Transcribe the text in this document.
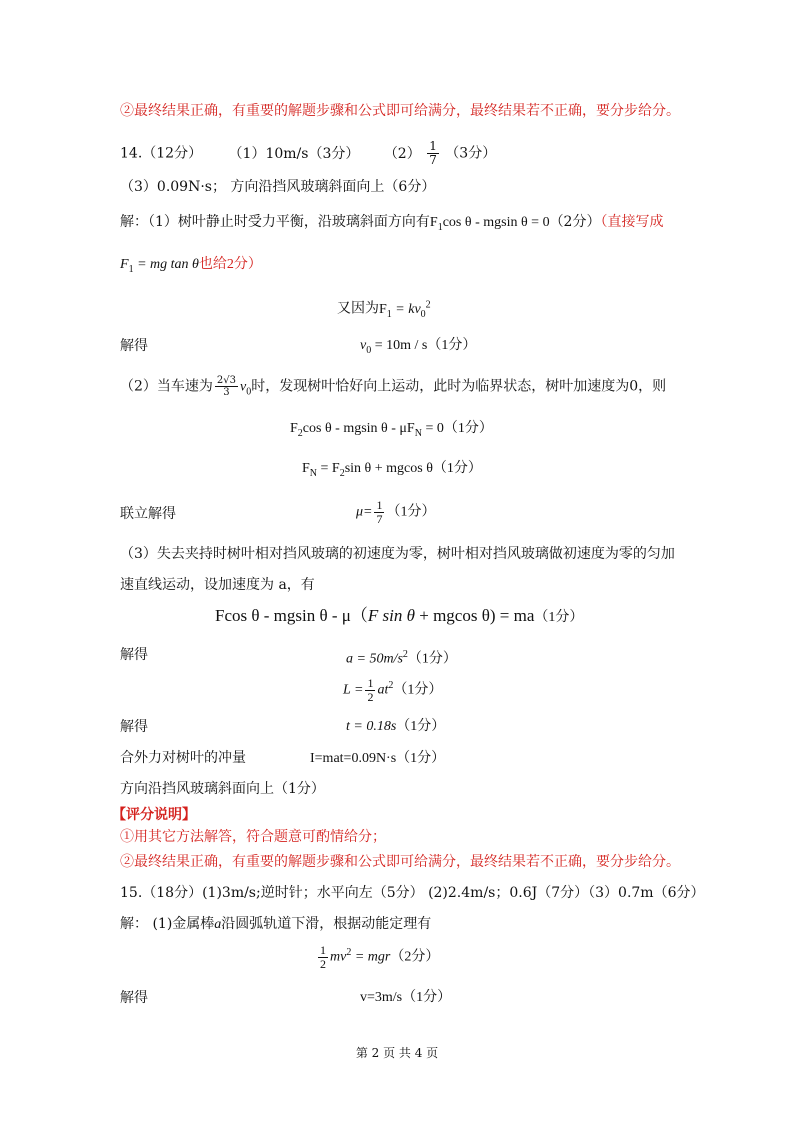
②最终结果正确，有重要的解题步骤和公式即可给满分，最终结果若不正确，要分步给分。
14.（12分） （1）10m/s（3分） $(2) \frac{1}{7} (3$分）
（3）0.09N·s； 方向沿挡风玻璃斜面向上（6分）
解：（1）树叶静止时受力平衡，沿玻璃斜面方向有$F_1\cos$ θ - mgsin θ = 0（2分）（直接写成
$F_1$ = mg tan θ也给2分）
又因为$F_1 = kv_0^2$
解得	$v_0 = 10m / s(1$分）
（2）当车速为 $\frac{2√3}{3} v_0$时，发现树叶恰好向上运动，此时为临界状态，树叶加速度为0，则
$F_2\cos$ θ - mgsin $\theta - \mu F_N = 0(1$分）
$F_N = F_2\sin$ θ + mgcos θ（1分）
联立解得	$\mu= \frac{1}{7} (1$分）
（3）失去夹持时树叶相对挡风玻璃的初速度为零，树叶相对挡风玻璃做初速度为零的匀加
速直线运动，设加速度为 a，有
Fcos θ - mgsin θ - μ（F sin θ + mgcos θ) = ma（1分）
解得	$a = 50m/s^2(1$分）
$L = \frac{1}{2} at^2(1$分）
解得	t = 0.18s（1分）
合外力对树叶的冲量	I=mat=0.09N·s（1分）
方向沿挡风玻璃斜面向上（1分）
【评分说明】
①用其它方法解答，符合题意可酌情给分；
②最终结果正确，有重要的解题步骤和公式即可给满分，最终结果若不正确，要分步给分。
15.（18分）(1)3m/s;逆时针；水平向左（5分） (2)2.4m/s；0.6J（7分）（3）0.7m（6分）
解： (1)金属棒a沿圆弧轨道下滑，根据动能定理有
$\frac{1}{2} mv^2 = mgr(2$分）
解得	v=3m/s（1分）
第 2 页 共 4 页
